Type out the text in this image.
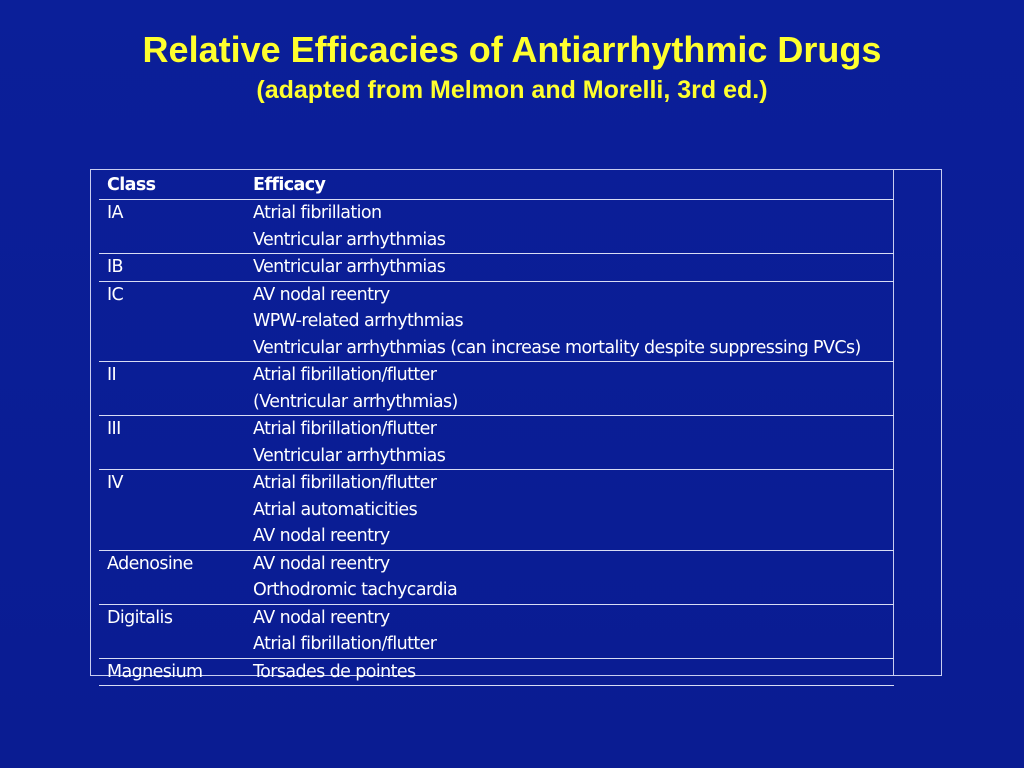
Relative Efficacies of Antiarrhythmic Drugs
(adapted from Melmon and Morelli, 3rd ed.)
Class	Efficacy
IA	Atrial fibrillation
Ventricular arrhythmias

IB	Ventricular arrhythmias

IC	AV nodal reentry
WPW-related arrhythmias
Ventricular arrhythmias (can increase mortality despite suppressing PVCs)

II	Atrial fibrillation/flutter
(Ventricular arrhythmias)

III	Atrial fibrillation/flutter
Ventricular arrhythmias

IV	Atrial fibrillation/flutter
Atrial automaticities
AV nodal reentry

Adenosine	AV nodal reentry
Orthodromic tachycardia

Digitalis	AV nodal reentry
Atrial fibrillation/flutter

Magnesium	Torsades de pointes
